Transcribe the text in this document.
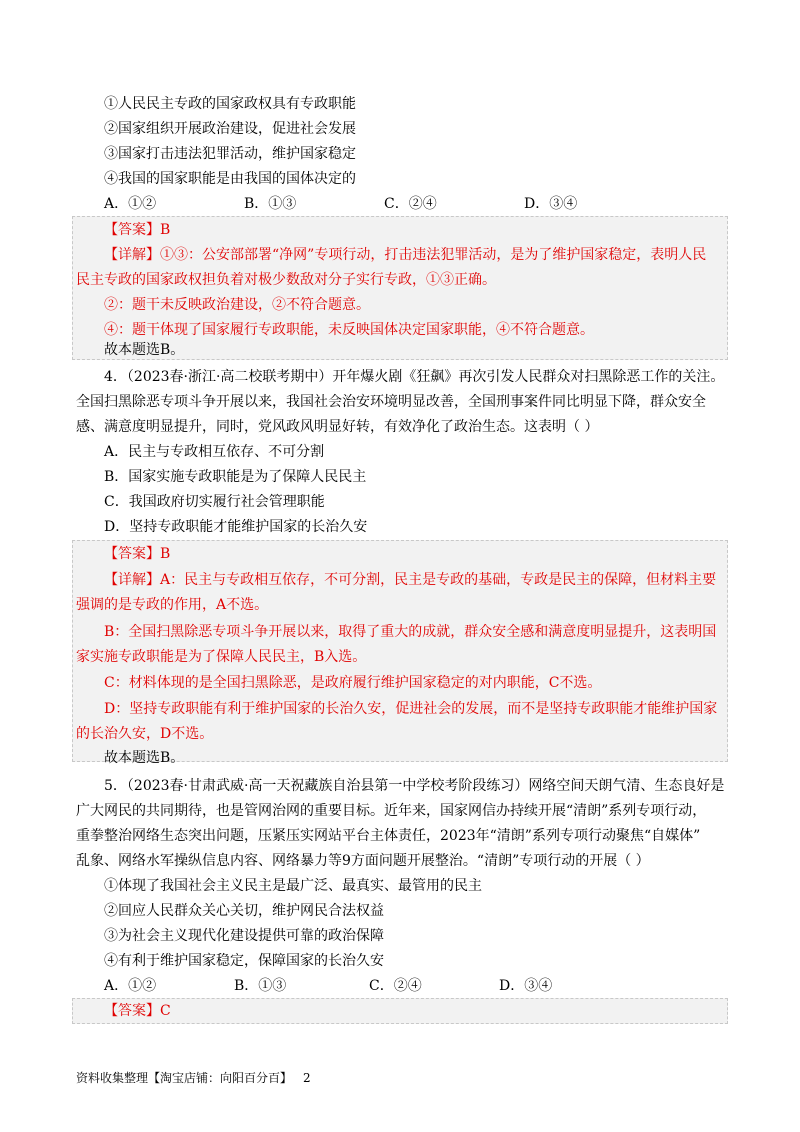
①人民民主专政的国家政权具有专政职能
②国家组织开展政治建设，促进社会发展
③国家打击违法犯罪活动，维护国家稳定
④我国的国家职能是由我国的国体决定的
A．①②	B．①③	C．②④	D．③④
【答案】B
【详解】①③：公安部部署“净网”专项行动，打击违法犯罪活动，是为了维护国家稳定，表明人民
民主专政的国家政权担负着对极少数敌对分子实行专政，①③正确。
②：题干未反映政治建设，②不符合题意。
④：题干体现了国家履行专政职能，未反映国体决定国家职能，④不符合题意。
故本题选B。
4．（2023春·浙江·高二校联考期中）开年爆火剧《狂飙》再次引发人民群众对扫黑除恶工作的关注。
全国扫黑除恶专项斗争开展以来，我国社会治安环境明显改善，全国刑事案件同比明显下降，群众安全
感、满意度明显提升，同时，党风政风明显好转，有效净化了政治生态。这表明（ ）
A．民主与专政相互依存、不可分割
B．国家实施专政职能是为了保障人民民主
C．我国政府切实履行社会管理职能
D．坚持专政职能才能维护国家的长治久安
【答案】B
【详解】A：民主与专政相互依存，不可分割，民主是专政的基础，专政是民主的保障，但材料主要
强调的是专政的作用，A不选。
B：全国扫黑除恶专项斗争开展以来，取得了重大的成就，群众安全感和满意度明显提升，这表明国
家实施专政职能是为了保障人民民主，B入选。
C：材料体现的是全国扫黑除恶，是政府履行维护国家稳定的对内职能，C不选。
D：坚持专政职能有利于维护国家的长治久安，促进社会的发展，而不是坚持专政职能才能维护国家
的长治久安，D不选。
故本题选B。
5．（2023春·甘肃武威·高一天祝藏族自治县第一中学校考阶段练习）网络空间天朗气清、生态良好是
广大网民的共同期待，也是管网治网的重要目标。近年来，国家网信办持续开展“清朗”系列专项行动，
重拳整治网络生态突出问题，压紧压实网站平台主体责任，2023年“清朗”系列专项行动聚焦“自媒体”
乱象、网络水军操纵信息内容、网络暴力等9方面问题开展整治。“清朗”专项行动的开展（ ）
①体现了我国社会主义民主是最广泛、最真实、最管用的民主
②回应人民群众关心关切，维护网民合法权益
③为社会主义现代化建设提供可靠的政治保障
④有利于维护国家稳定，保障国家的长治久安
A．①②	B．①③	C．②④	D．③④
【答案】C
资料收集整理【淘宝店铺：向阳百分百】 2
